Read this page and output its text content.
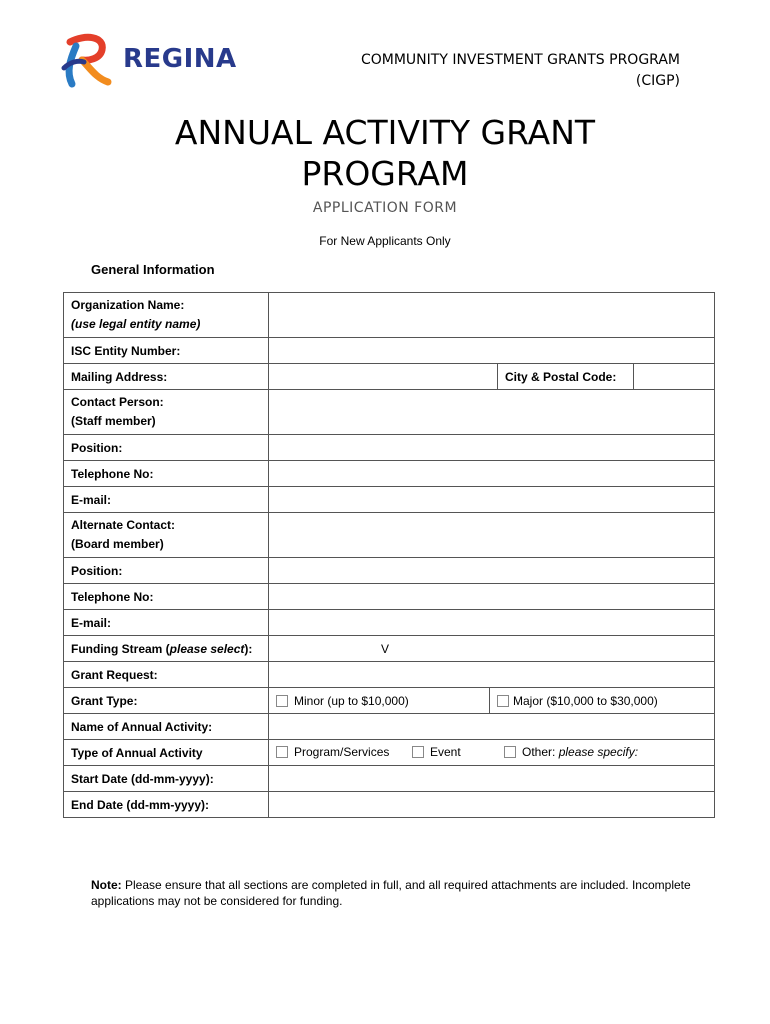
REGINA	COMMUNITY INVESTMENT GRANTS PROGRAM
(CIGP)
ANNUAL ACTIVITY GRANT
PROGRAM
APPLICATION FORM
For New Applicants Only
General Information
Organization Name:
(use legal entity name)	

ISC Entity Number:	
Mailing Address:	City & Postal Code:

Contact Person:
(Staff member)	

Position:	
Telephone No:	
E-mail:	

Alternate Contact:
(Board member)	

Position:	
Telephone No:	
E-mail:	
Funding Stream (please select):	V
Grant Request:	
Grant Type:	Minor (up to $10,000) Major ($10,000 to $30,000)

Name of Annual Activity:	
Type of Annual Activity	Program/Services Event Other: please specify:

Start Date (dd-mm-yyyy):	
End Date (dd-mm-yyyy):	
Note: Please ensure that all sections are completed in full, and all required attachments are included. Incomplete applications may not be considered for funding.
